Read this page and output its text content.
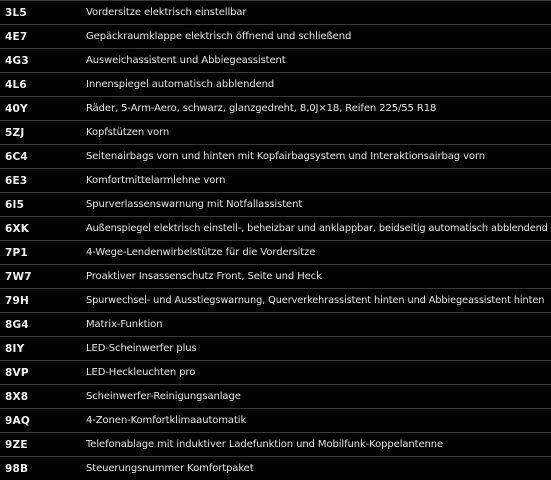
3L5	Vordersitze elektrisch einstellbar
4E7	Gepäckraumklappe elektrisch öffnend und schließend
4G3	Ausweichassistent und Abbiegeassistent
4L6	Innenspiegel automatisch abblendend
40Y	Räder, 5-Arm-Aero, schwarz, glanzgedreht, 8,0J×18, Reifen 225/55 R18
5ZJ	Kopfstützen vorn
6C4	Seitenairbags vorn und hinten mit Kopfairbagsystem und Interaktionsairbag vorn
6E3	Komfortmittelarmlehne vorn
6I5	Spurverlassenswarnung mit Notfallassistent
6XK	Außenspiegel elektrisch einstell-, beheizbar und anklappbar, beidseitig automatisch abblendend
7P1	4-Wege-Lendenwirbelstütze für die Vordersitze
7W7	Proaktiver Insassenschutz Front, Seite und Heck
79H	Spurwechsel- und Ausstiegswarnung, Querverkehrassistent hinten und Abbiegeassistent hinten
8G4	Matrix-Funktion
8IY	LED-Scheinwerfer plus
8VP	LED-Heckleuchten pro
8X8	Scheinwerfer-Reinigungsanlage
9AQ	4-Zonen-Komfortklimaautomatik
9ZE	Telefonablage mit induktiver Ladefunktion und Mobilfunk-Koppelantenne
98B	Steuerungsnummer Komfortpaket
